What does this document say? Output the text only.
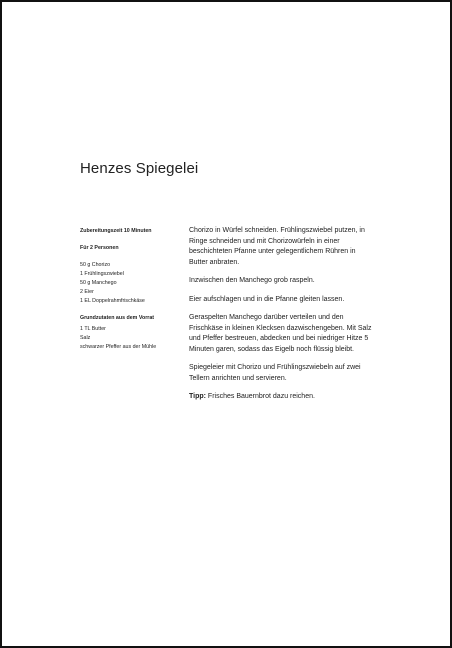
Henzes Spiegelei
Zubereitungszeit 10 Minuten
Für 2 Personen
50 g Chorizo
1 Frühlingszwiebel
50 g Manchego
2 Eier
1 EL Doppelrahmfrischkäse
Grundzutaten aus dem Vorrat
1 TL Butter
Salz
schwarzer Pfeffer aus der Mühle

Chorizo in Würfel schneiden. Frühlingszwiebel putzen, in Ringe schneiden und mit Chorizowürfeln in einer beschichteten Pfanne unter gelegentlichem Rühren in Butter anbraten.

Inzwischen den Manchego grob raspeln.

Eier aufschlagen und in die Pfanne gleiten lassen.

Geraspelten Manchego darüber verteilen und den Frischkäse in kleinen Klecksen dazwischengeben. Mit Salz und Pfeffer bestreuen, abdecken und bei niedriger Hitze 5 Minuten garen, sodass das Eigelb noch flüssig bleibt.

Spiegeleier mit Chorizo und Frühlingszwiebeln auf zwei Tellern anrichten und servieren.

Tipp: Frisches Bauernbrot dazu reichen.
